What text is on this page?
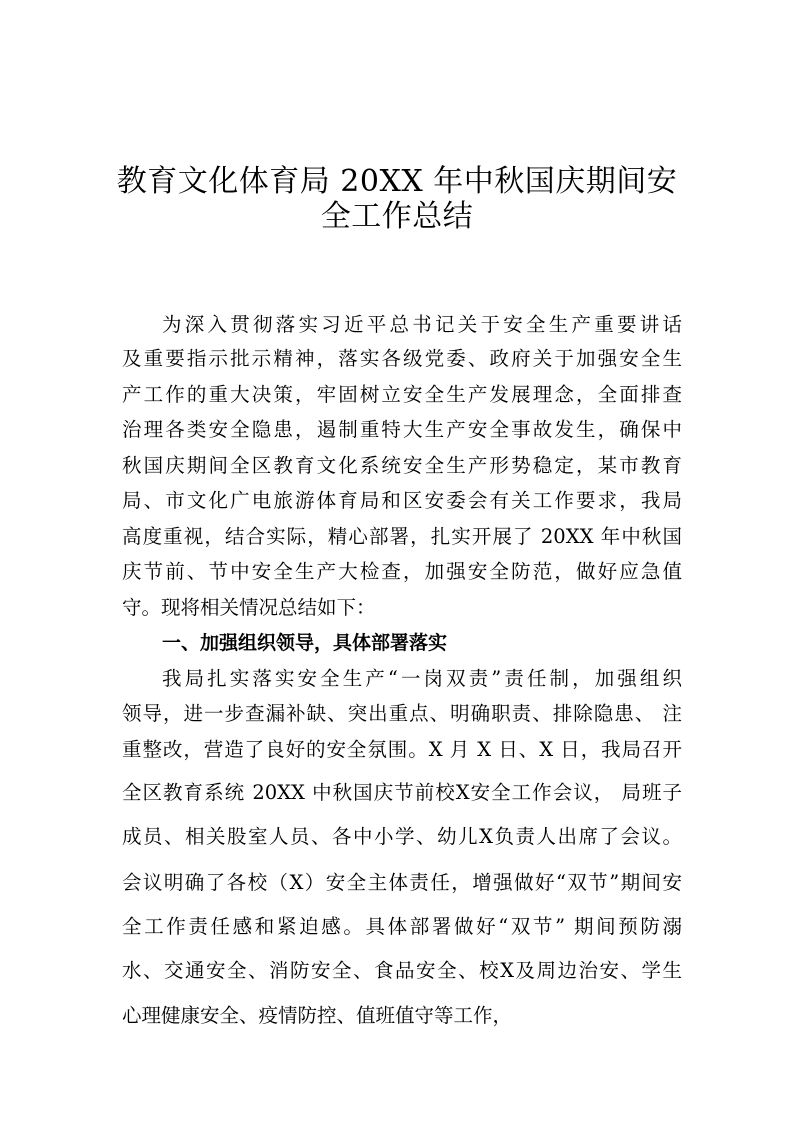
教育文化体育局 20XX 年中秋国庆期间安
全工作总结
为深入贯彻落实习近平总书记关于安全生产重要讲话
及重要指示批示精神，落实各级党委、政府关于加强安全生
产工作的重大决策，牢固树立安全生产发展理念，全面排查
治理各类安全隐患，遏制重特大生产安全事故发生，确保中
秋国庆期间全区教育文化系统安全生产形势稳定，某市教育
局、市文化广电旅游体育局和区安委会有关工作要求，我局
高度重视，结合实际，精心部署，扎实开展了 20XX 年中秋国
庆节前、节中安全生产大检查，加强安全防范，做好应急值
守。现将相关情况总结如下：
一、加强组织领导，具体部署落实
我局扎实落实安全生产“一岗双责”责任制，加强组织
领导，进一步查漏补缺、突出重点、明确职责、排除隐患、 注
重整改，营造了良好的安全氛围。X 月 X 日、X 日，我局召开
全区教育系统 20XX 中秋国庆节前校X安全工作会议， 局班子
成员、相关股室人员、各中小学、幼儿X负责人出席了会议。
会议明确了各校（X）安全主体责任，增强做好“双节”期间安
全工作责任感和紧迫感。具体部署做好“双节” 期间预防溺
水、交通安全、消防安全、食品安全、校X及周边治安、学生
心理健康安全、疫情防控、值班值守等工作，
